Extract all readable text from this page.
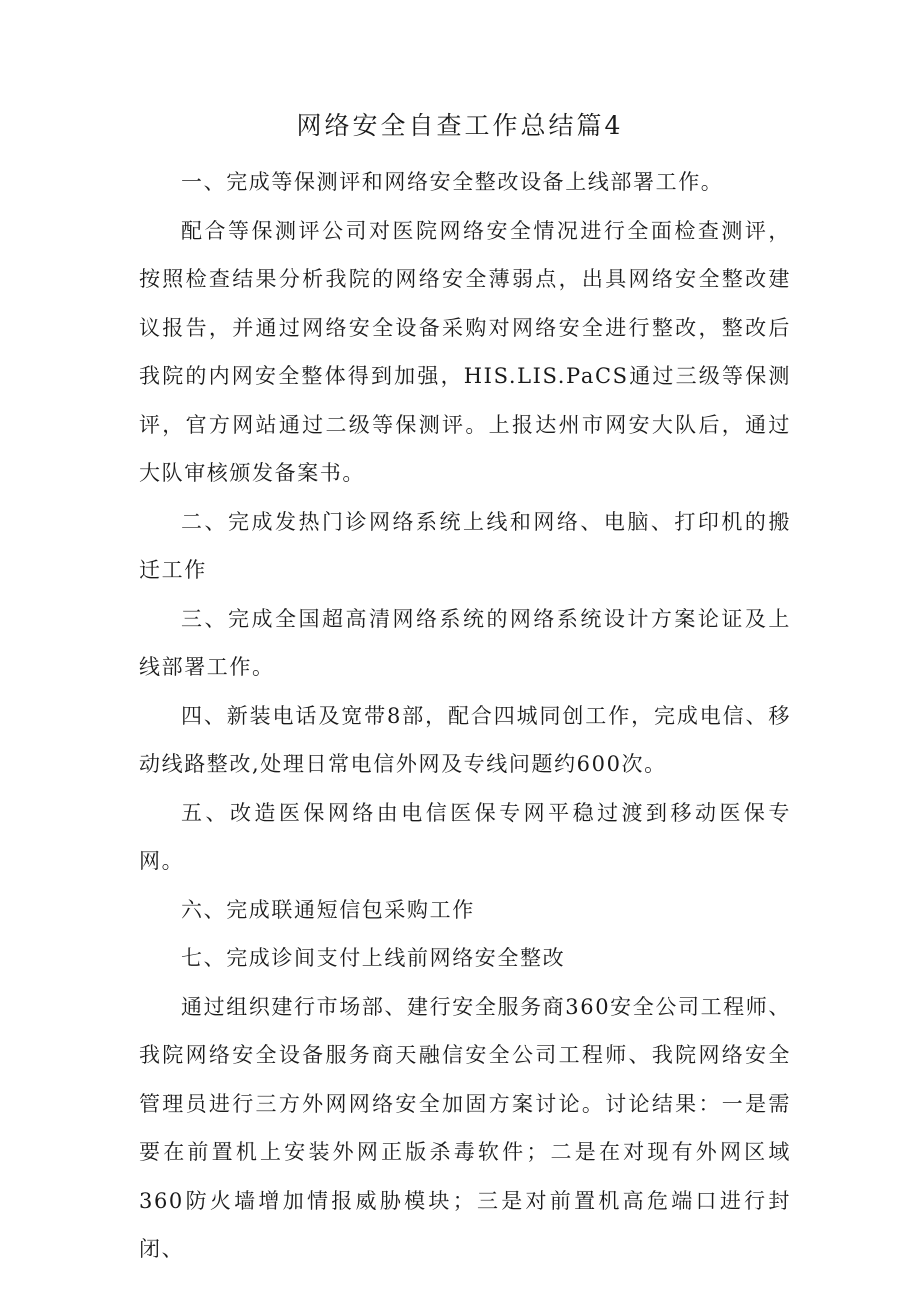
网络安全自查工作总结篇4

一、完成等保测评和网络安全整改设备上线部署工作。

配合等保测评公司对医院网络安全情况进行全面检查测评，按照检查结果分析我院的网络安全薄弱点，出具网络安全整改建议报告，并通过网络安全设备采购对网络安全进行整改，整改后我院的内网安全整体得到加强，HIS.LIS.PaCS通过三级等保测评，官方网站通过二级等保测评。上报达州市网安大队后，通过大队审核颁发备案书。

二、完成发热门诊网络系统上线和网络、电脑、打印机的搬迁工作

三、完成全国超高清网络系统的网络系统设计方案论证及上线部署工作。

四、新装电话及宽带8部，配合四城同创工作，完成电信、移动线路整改,处理日常电信外网及专线问题约600次。

五、改造医保网络由电信医保专网平稳过渡到移动医保专网。

六、完成联通短信包采购工作

七、完成诊间支付上线前网络安全整改

通过组织建行市场部、建行安全服务商360安全公司工程师、我院网络安全设备服务商天融信安全公司工程师、我院网络安全管理员进行三方外网网络安全加固方案讨论。讨论结果：一是需要在前置机上安装外网正版杀毒软件；二是在对现有外网区域360防火墙增加情报威胁模块；三是对前置机高危端口进行封闭、
